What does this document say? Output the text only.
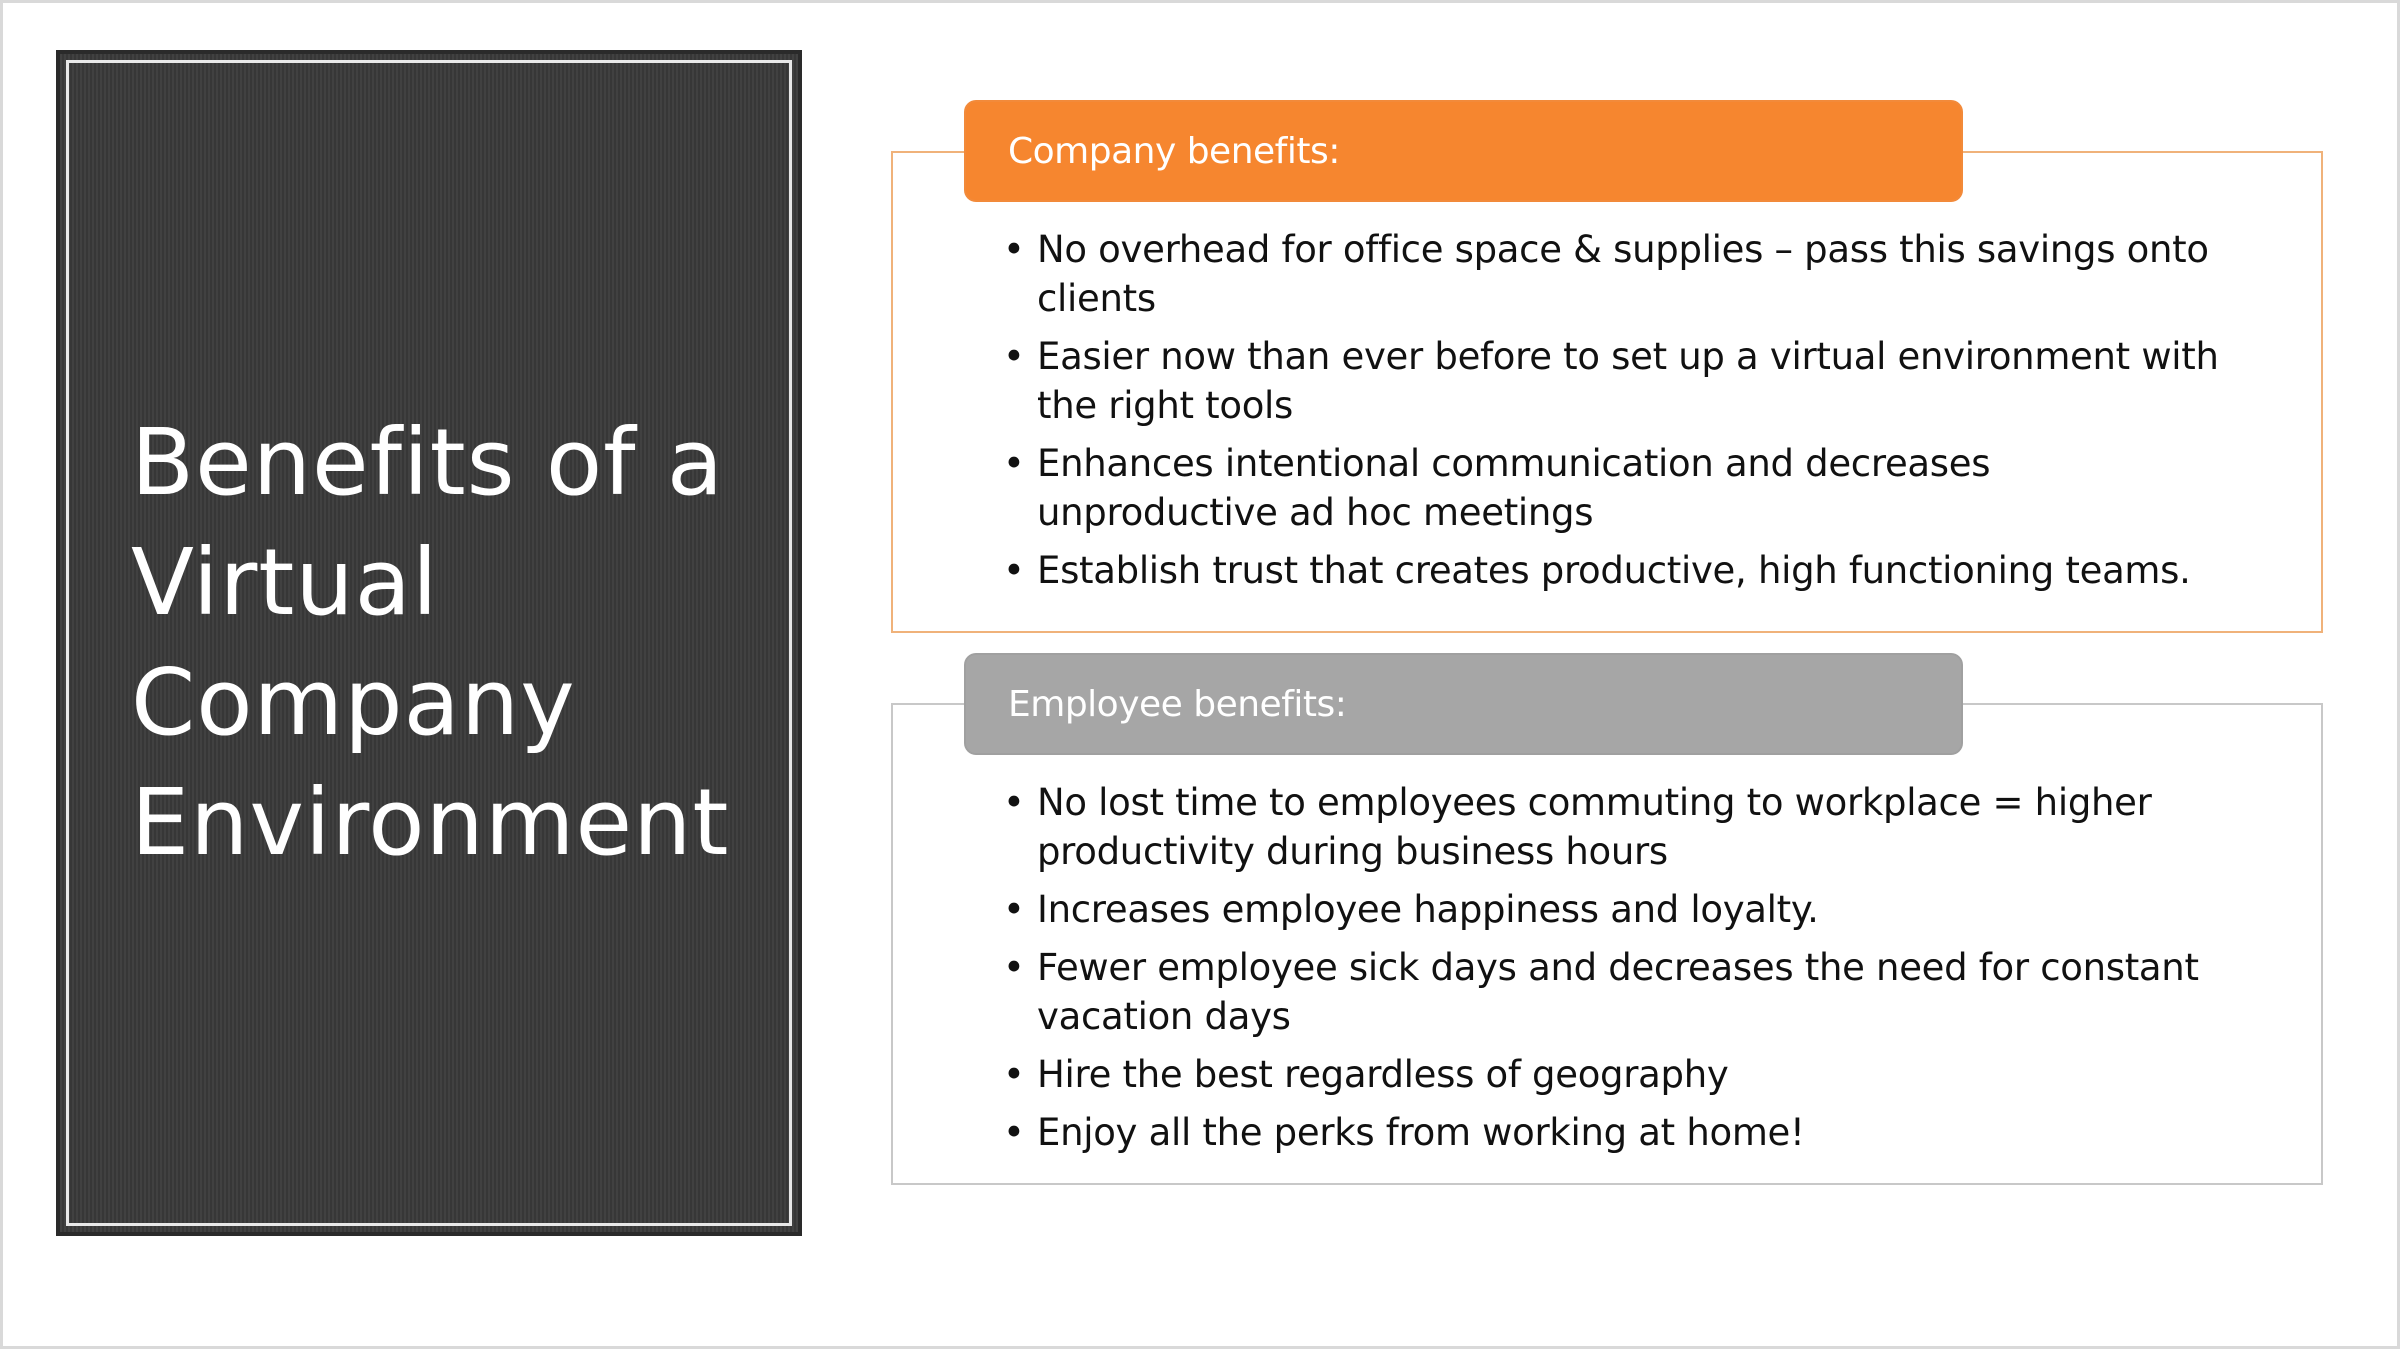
Benefits of a
Virtual
Company
Environment
Company benefits:
• No overhead for office space & supplies – pass this savings onto clients
• Easier now than ever before to set up a virtual environment with the right tools
• Enhances intentional communication and decreases unproductive ad hoc meetings
• Establish trust that creates productive, high functioning teams.
Employee benefits:
• No lost time to employees commuting to workplace = higher productivity during business hours
• Increases employee happiness and loyalty.
• Fewer employee sick days and decreases the need for constant vacation days
• Hire the best regardless of geography
• Enjoy all the perks from working at home!
